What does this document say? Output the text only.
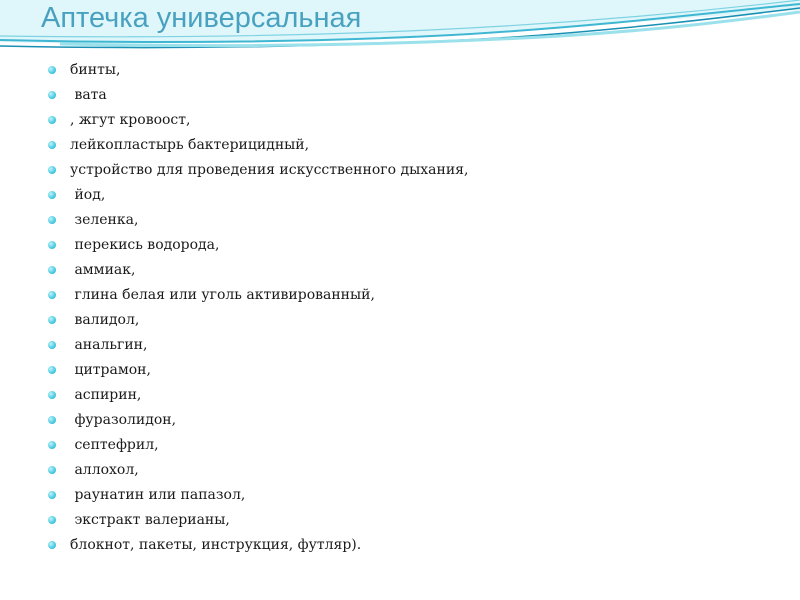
Аптечка универсальная
бинты,
вата
, жгут кровоост,
лейкопластырь бактерицидный,
устройство для проведения искусственного дыхания,
йод,
зеленка,
перекись водорода,
аммиак,
глина белая или уголь активированный,
валидол,
анальгин,
цитрамон,
аспирин,
фуразолидон,
септефрил,
аллохол,
раунатин или папазол,
экстракт валерианы,
блокнот, пакеты, инструкция, футляр).
